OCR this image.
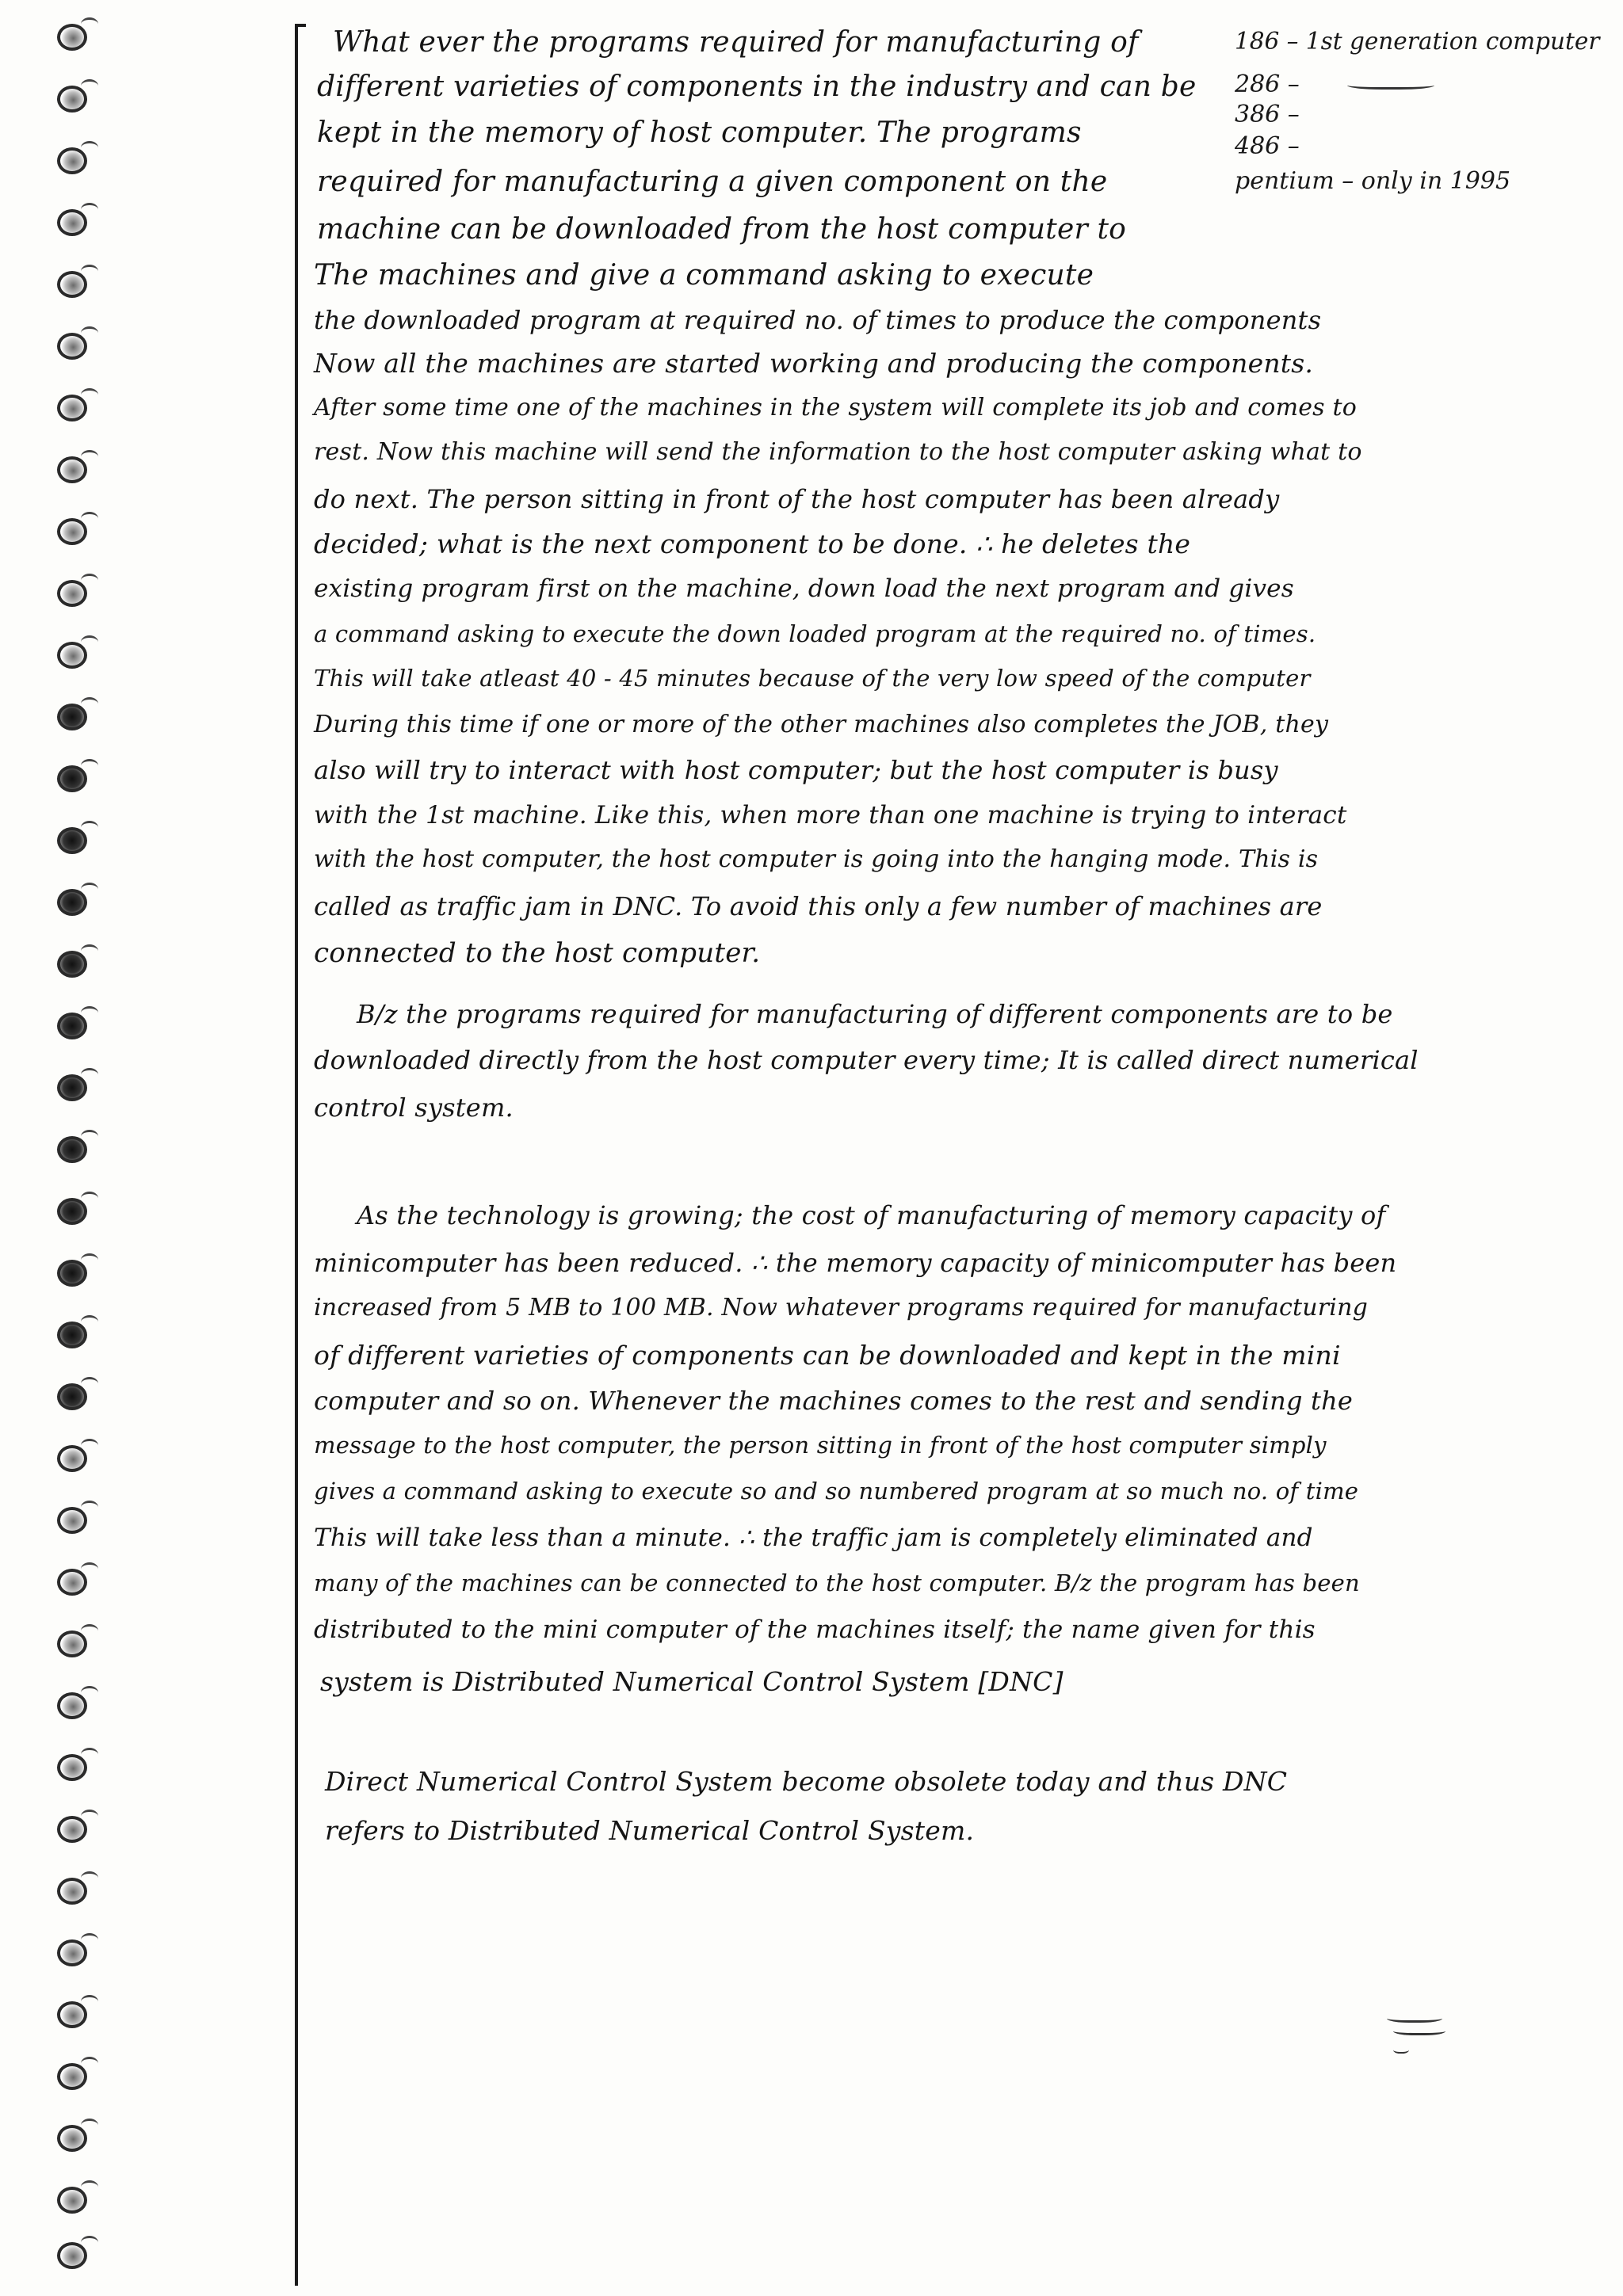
186 – 1st generation computer
286 –
386 –
486 –
pentium – only in 1995
What ever the programs required for manufacturing of
different varieties of components in the industry and can be
kept in the memory of host computer. The programs
required for manufacturing a given component on the
machine can be downloaded from the host computer to
The machines and give a command asking to execute
the downloaded program at required no. of times to produce the components
Now all the machines are started working and producing the components.
After some time one of the machines in the system will complete its job and comes to
rest. Now this machine will send the information to the host computer asking what to
do next. The person sitting in front of the host computer has been already
decided; what is the next component to be done. ∴ he deletes the
existing program first on the machine, down load the next program and gives
a command asking to execute the down loaded program at the required no. of times.
This will take atleast 40 - 45 minutes because of the very low speed of the computer
During this time if one or more of the other machines also completes the JOB, they
also will try to interact with host computer; but the host computer is busy
with the 1st machine. Like this, when more than one machine is trying to interact
with the host computer, the host computer is going into the hanging mode. This is
called as traffic jam in DNC. To avoid this only a few number of machines are
connected to the host computer.
B/z the programs required for manufacturing of different components are to be
downloaded directly from the host computer every time; It is called direct numerical
control system.
As the technology is growing; the cost of manufacturing of memory capacity of
minicomputer has been reduced. ∴ the memory capacity of minicomputer has been
increased from 5 MB to 100 MB. Now whatever programs required for manufacturing
of different varieties of components can be downloaded and kept in the mini
computer and so on. Whenever the machines comes to the rest and sending the
message to the host computer, the person sitting in front of the host computer simply
gives a command asking to execute so and so numbered program at so much no. of time
This will take less than a minute. ∴ the traffic jam is completely eliminated and
many of the machines can be connected to the host computer. B/z the program has been
distributed to the mini computer of the machines itself; the name given for this
system is Distributed Numerical Control System [DNC]
Direct Numerical Control System become obsolete today and thus DNC
refers to Distributed Numerical Control System.
